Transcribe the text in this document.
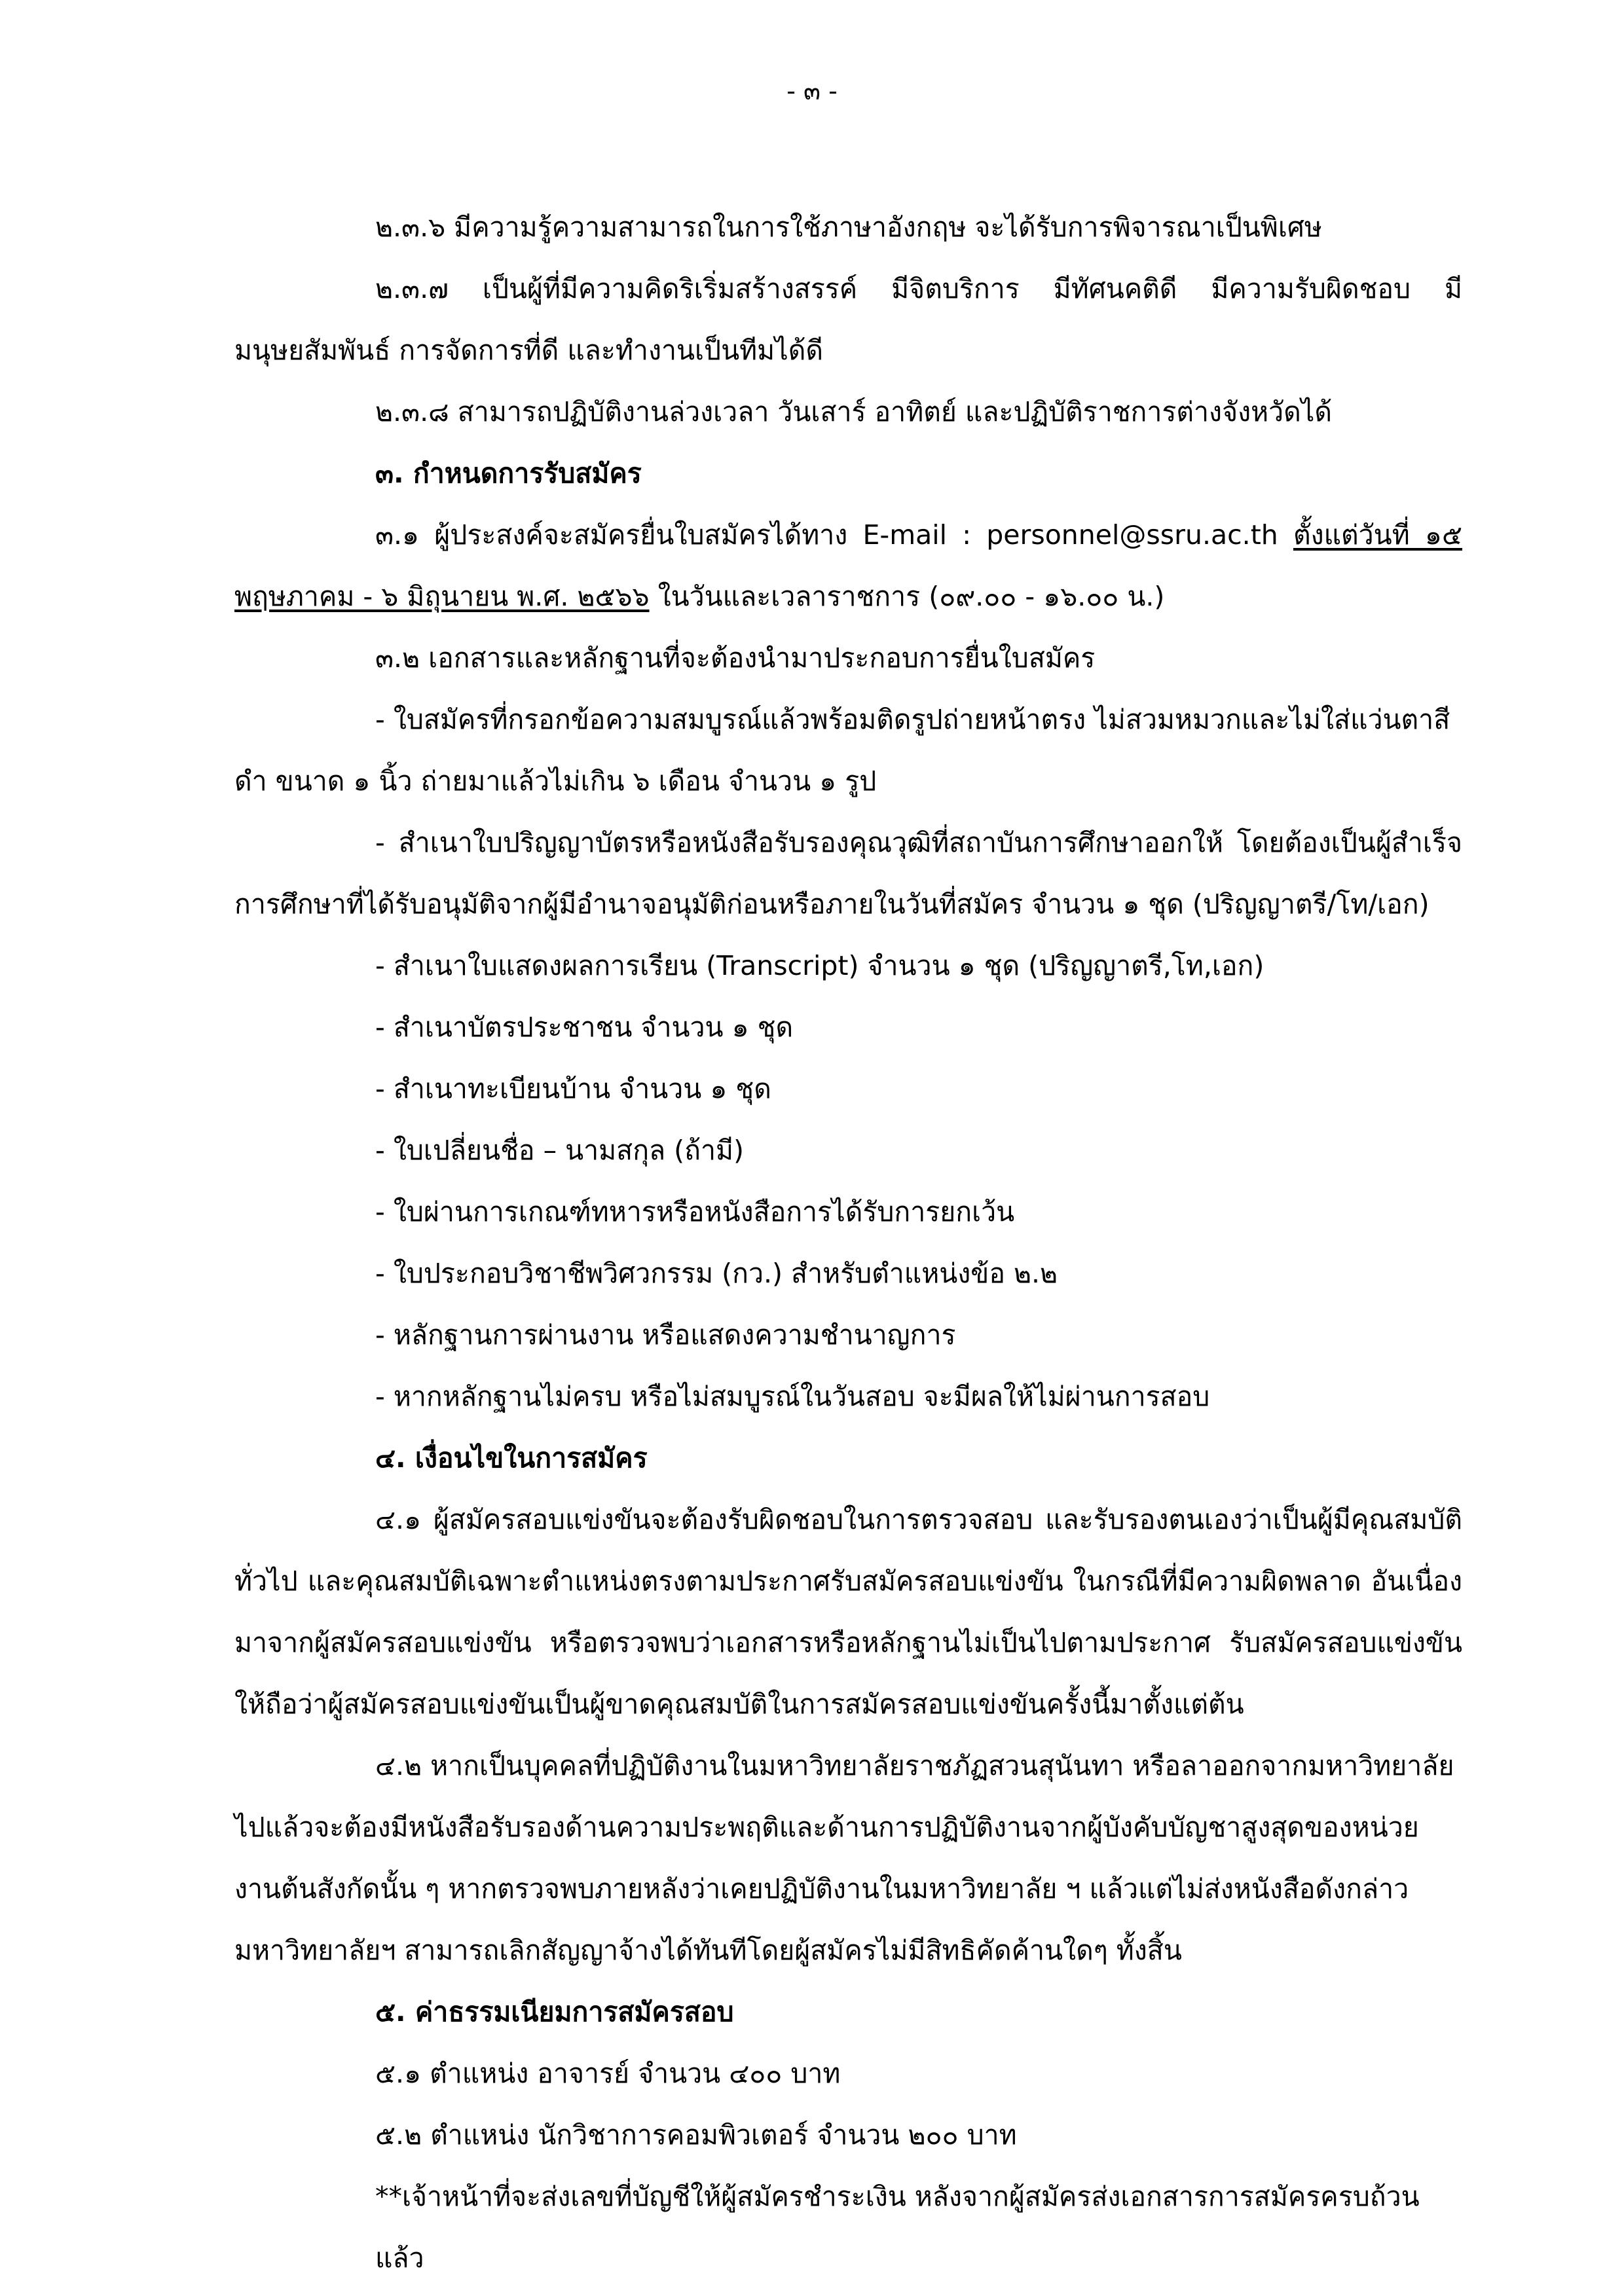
- ๓ -

๒.๓.๖ มีความรู้ความสามารถในการใช้ภาษาอังกฤษ จะได้รับการพิจารณาเป็นพิเศษ

๒.๓.๗ เป็นผู้ที่มีความคิดริเริ่มสร้างสรรค์ มีจิตบริการ มีทัศนคติดี มีความรับผิดชอบ มีมนุษยสัมพันธ์ การจัดการที่ดี และทำงานเป็นทีมได้ดี

๒.๓.๘ สามารถปฏิบัติงานล่วงเวลา วันเสาร์ อาทิตย์ และปฏิบัติราชการต่างจังหวัดได้

๓. กำหนดการรับสมัคร

๓.๑ ผู้ประสงค์จะสมัครยื่นใบสมัครได้ทาง E-mail : personnel@ssru.ac.th ตั้งแต่วันที่ ๑๕ พฤษภาคม - ๖ มิถุนายน พ.ศ. ๒๕๖๖ ในวันและเวลาราชการ (๐๙.๐๐ - ๑๖.๐๐ น.)

๓.๒ เอกสารและหลักฐานที่จะต้องนำมาประกอบการยื่นใบสมัคร

- ใบสมัครที่กรอกข้อความสมบูรณ์แล้วพร้อมติดรูปถ่ายหน้าตรง ไม่สวมหมวกและไม่ใส่แว่นตาสีดำ ขนาด ๑ นิ้ว ถ่ายมาแล้วไม่เกิน ๖ เดือน จำนวน ๑ รูป

- สำเนาใบปริญญาบัตรหรือหนังสือรับรองคุณวุฒิที่สถาบันการศึกษาออกให้ โดยต้องเป็นผู้สำเร็จการศึกษาที่ได้รับอนุมัติจากผู้มีอำนาจอนุมัติก่อนหรือภายในวันที่สมัคร จำนวน ๑ ชุด (ปริญญาตรี/โท/เอก)

- สำเนาใบแสดงผลการเรียน (Transcript) จำนวน ๑ ชุด (ปริญญาตรี,โท,เอก)

- สำเนาบัตรประชาชน จำนวน ๑ ชุด

- สำเนาทะเบียนบ้าน จำนวน ๑ ชุด

- ใบเปลี่ยนชื่อ – นามสกุล (ถ้ามี)

- ใบผ่านการเกณฑ์ทหารหรือหนังสือการได้รับการยกเว้น

- ใบประกอบวิชาชีพวิศวกรรม (กว.) สำหรับตำแหน่งข้อ ๒.๒

- หลักฐานการผ่านงาน หรือแสดงความชำนาญการ

- หากหลักฐานไม่ครบ หรือไม่สมบูรณ์ในวันสอบ จะมีผลให้ไม่ผ่านการสอบ

๔. เงื่อนไขในการสมัคร

๔.๑ ผู้สมัครสอบแข่งขันจะต้องรับผิดชอบในการตรวจสอบ และรับรองตนเองว่าเป็นผู้มีคุณสมบัติทั่วไป และคุณสมบัติเฉพาะตำแหน่งตรงตามประกาศรับสมัครสอบแข่งขัน ในกรณีที่มีความผิดพลาด อันเนื่องมาจากผู้สมัครสอบแข่งขัน หรือตรวจพบว่าเอกสารหรือหลักฐานไม่เป็นไปตามประกาศ รับสมัครสอบแข่งขันให้ถือว่าผู้สมัครสอบแข่งขันเป็นผู้ขาดคุณสมบัติในการสมัครสอบแข่งขันครั้งนี้มาตั้งแต่ต้น

๔.๒ หากเป็นบุคคลที่ปฏิบัติงานในมหาวิทยาลัยราชภัฏสวนสุนันทา หรือลาออกจากมหาวิทยาลัยไปแล้วจะต้องมีหนังสือรับรองด้านความประพฤติและด้านการปฏิบัติงานจากผู้บังคับบัญชาสูงสุดของหน่วยงานต้นสังกัดนั้น ๆ หากตรวจพบภายหลังว่าเคยปฏิบัติงานในมหาวิทยาลัย ฯ แล้วแต่ไม่ส่งหนังสือดังกล่าว มหาวิทยาลัยฯ สามารถเลิกสัญญาจ้างได้ทันทีโดยผู้สมัครไม่มีสิทธิคัดค้านใดๆ ทั้งสิ้น

๕. ค่าธรรมเนียมการสมัครสอบ

๕.๑ ตำแหน่ง อาจารย์ จำนวน ๔๐๐ บาท

๕.๒ ตำแหน่ง นักวิชาการคอมพิวเตอร์ จำนวน ๒๐๐ บาท

**เจ้าหน้าที่จะส่งเลขที่บัญชีให้ผู้สมัครชำระเงิน หลังจากผู้สมัครส่งเอกสารการสมัครครบถ้วนแล้ว
